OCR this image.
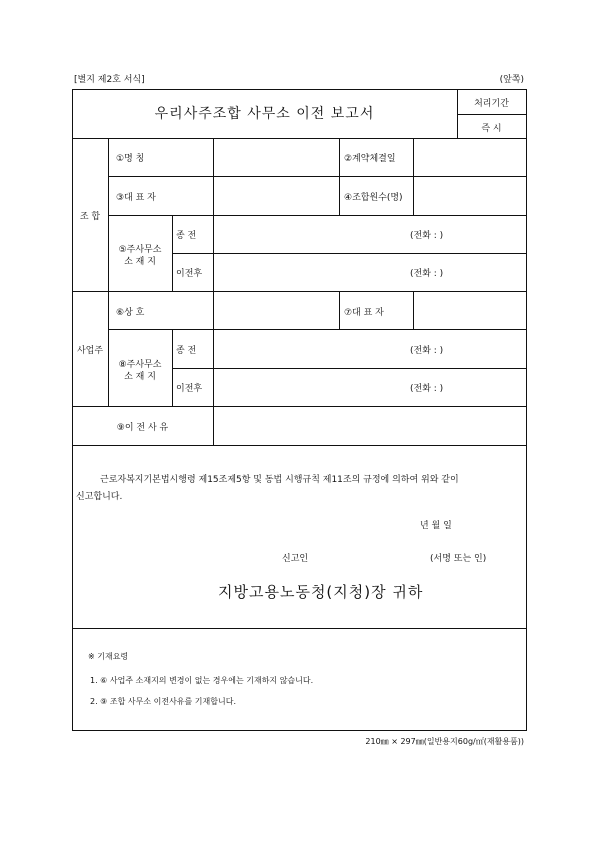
[별지 제2호 서식]	(앞쪽)
우리사주조합 사무소 이전 보고서
처리기간
즉 시
조 합
①명 칭	②계약체결일
③대 표 자	④조합원수(명)
⑤주사무소
소 재 지
종 전	(전화 : )
이전후	(전화 : )
사업주
⑥상 호	⑦대 표 자
⑧주사무소
소 재 지
종 전	(전화 : )
이전후	(전화 : )
⑨이 전 사 유
근로자복지기본법시행령 제15조제5항 및 동법 시행규칙 제11조의 규정에 의하여 위와 같이
신고합니다.
년 월 일
신고인	(서명 또는 인)
지방고용노동청(지청)장 귀하
※ 기재요령
1. ⑥ 사업주 소재지의 변경이 없는 경우에는 기재하지 않습니다.
2. ⑨ 조합 사무소 이전사유를 기재합니다.
210㎜ × 297㎜(일반용지60g/㎡(재활용품))
